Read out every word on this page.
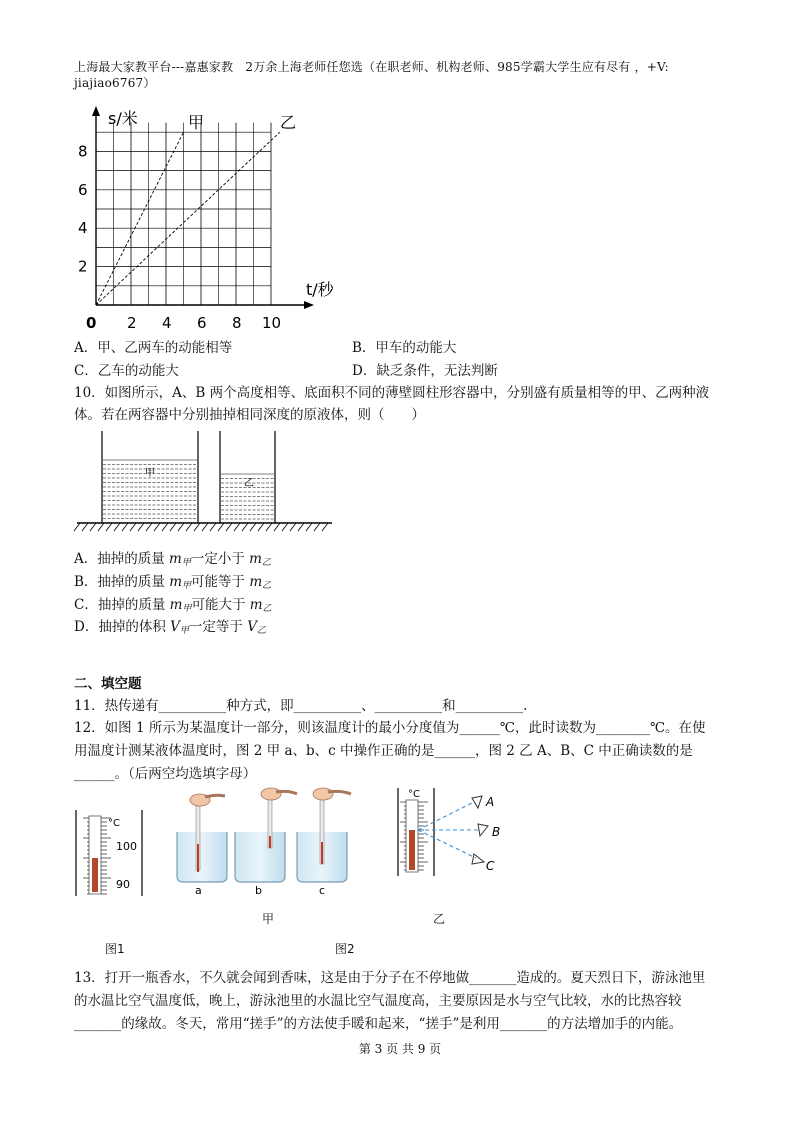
上海最大家教平台---嘉惠家教　2万余上海老师任您选（在职老师、机构老师、985学霸大学生应有尽有 ，+V:
jiajiao6767）
s/米
t/秒
甲	乙
2
4
6
8
0 2 4 6 8 10
A．甲、乙两车的动能相等	B．甲车的动能大
C．乙车的动能大	D．缺乏条件，无法判断
10．如图所示，A、B 两个高度相等、底面积不同的薄壁圆柱形容器中，分别盛有质量相等的甲、乙两种液
体。若在两容器中分别抽掉相同深度的原液体，则（　　）
甲
乙
A．抽掉的质量 $m_甲$一定小于 $m_乙$
B．抽掉的质量 $m_甲$可能等于 $m_乙$
C．抽掉的质量 $m_甲$可能大于 $m_乙$
D．抽掉的体积 $V_甲$一定等于 $V_乙$
二、填空题
11．热传递有__________种方式，即__________、__________和__________.
12．如图 1 所示为某温度计一部分，则该温度计的最小分度值为______℃，此时读数为________℃。在使
用温度计测某液体温度时，图 2 甲 a、b、c 中操作正确的是______，图 2 乙 A、B、C 中正确读数的是
______。（后两空均选填字母）
°C
100
90	a	b	c
°C
A
B
C
甲	乙
图1	图2
13．打开一瓶香水，不久就会闻到香味，这是由于分子在不停地做_______造成的。夏天烈日下，游泳池里
的水温比空气温度低，晚上，游泳池里的水温比空气温度高，主要原因是水与空气比较，水的比热容较
_______的缘故。冬天，常用“搓手”的方法使手暖和起来，“搓手”是利用_______的方法增加手的内能。
第 3 页 共 9 页
